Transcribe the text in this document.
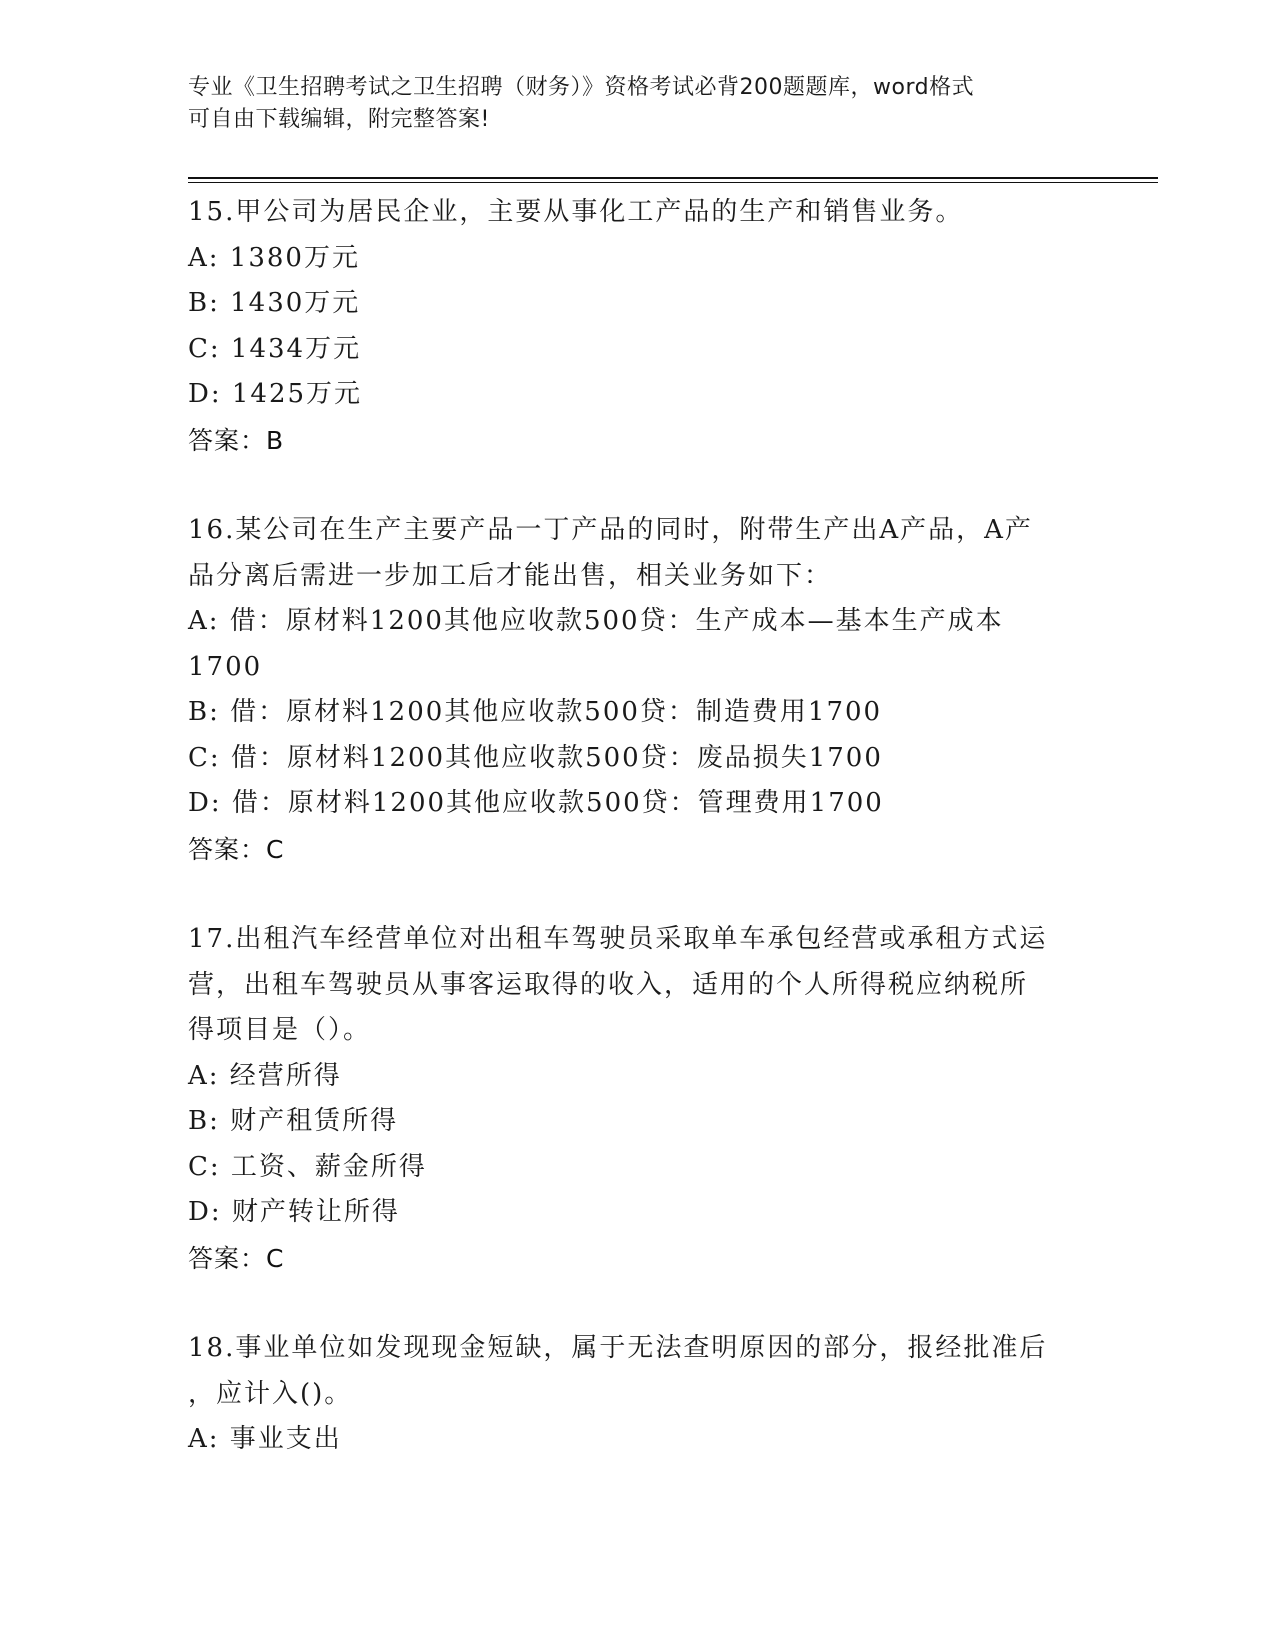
专业《卫生招聘考试之卫生招聘（财务）》资格考试必背200题题库，word格式
可自由下载编辑，附完整答案!
15.甲公司为居民企业，主要从事化工产品的生产和销售业务。
A: 1380万元
B: 1430万元
C: 1434万元
D: 1425万元
答案：B
16.某公司在生产主要产品一丁产品的同时，附带生产出A产品，A产
品分离后需进一步加工后才能出售，相关业务如下：
A: 借：原材料1200其他应收款500贷：生产成本—基本生产成本
1700
B: 借：原材料1200其他应收款500贷：制造费用1700
C: 借：原材料1200其他应收款500贷：废品损失1700
D: 借：原材料1200其他应收款500贷：管理费用1700
答案：C
17.出租汽车经营单位对出租车驾驶员采取单车承包经营或承租方式运
营，出租车驾驶员从事客运取得的收入，适用的个人所得税应纳税所
得项目是（）。
A: 经营所得
B: 财产租赁所得
C: 工资、薪金所得
D: 财产转让所得
答案：C
18.事业单位如发现现金短缺，属于无法查明原因的部分，报经批准后
，应计入()。
A: 事业支出
